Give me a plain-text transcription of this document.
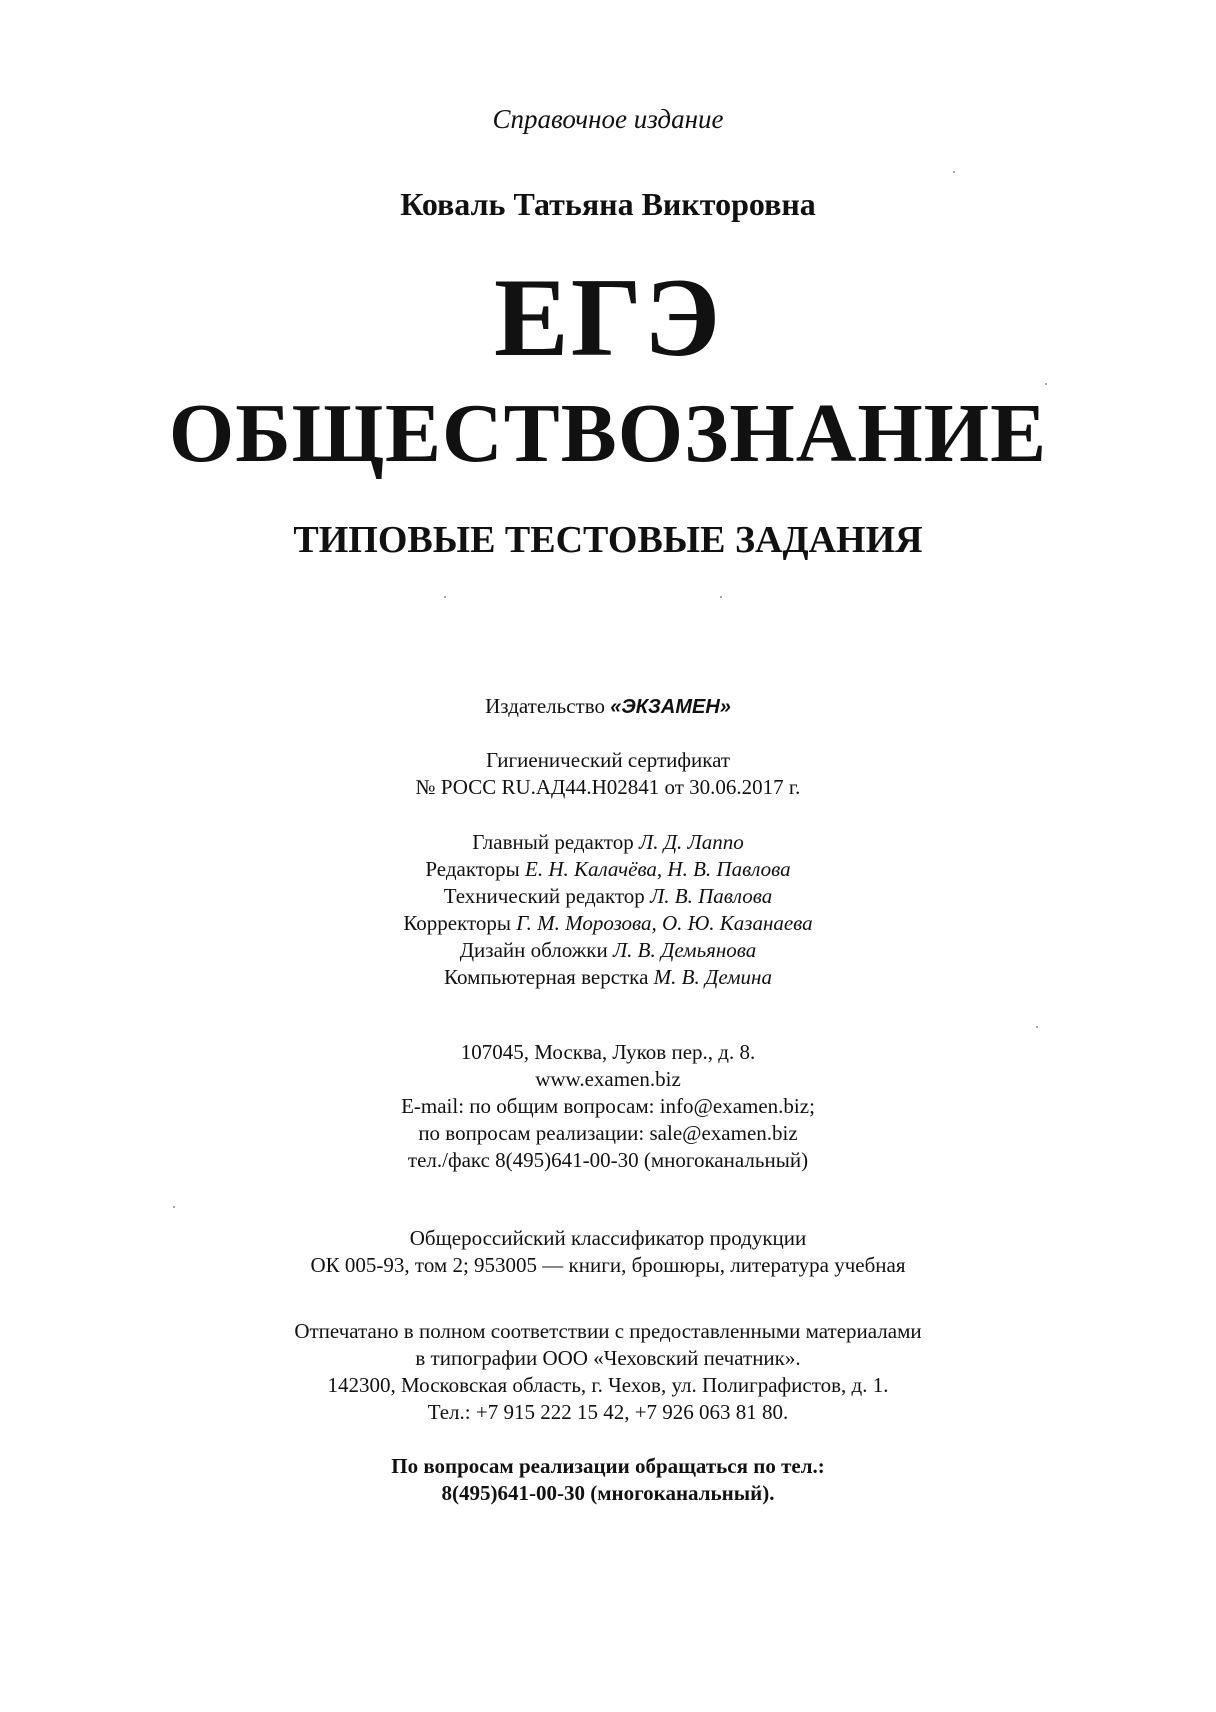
Справочное издание
Коваль Татьяна Викторовна
ЕГЭ
ОБЩЕСТВОЗНАНИЕ
ТИПОВЫЕ ТЕСТОВЫЕ ЗАДАНИЯ
Издательство «ЭКЗАМЕН»
Гигиенический сертификат
№ РОСС RU.АД44.Н02841 от 30.06.2017 г.
Главный редактор Л. Д. Лаппо
Редакторы Е. Н. Калачёва, Н. В. Павлова
Технический редактор Л. В. Павлова
Корректоры Г. М. Морозова, О. Ю. Казанаева
Дизайн обложки Л. В. Демьянова
Компьютерная верстка М. В. Демина
107045, Москва, Луков пер., д. 8.
www.examen.biz
E-mail: по общим вопросам: info@examen.biz;
по вопросам реализации: sale@examen.biz
тел./факс 8(495)641-00-30 (многоканальный)
Общероссийский классификатор продукции
ОК 005-93, том 2; 953005 — книги, брошюры, литература учебная
Отпечатано в полном соответствии с предоставленными материалами
в типографии ООО «Чеховский печатник».
142300, Московская область, г. Чехов, ул. Полиграфистов, д. 1.
Тел.: +7 915 222 15 42, +7 926 063 81 80.
По вопросам реализации обращаться по тел.:
8(495)641-00-30 (многоканальный).
